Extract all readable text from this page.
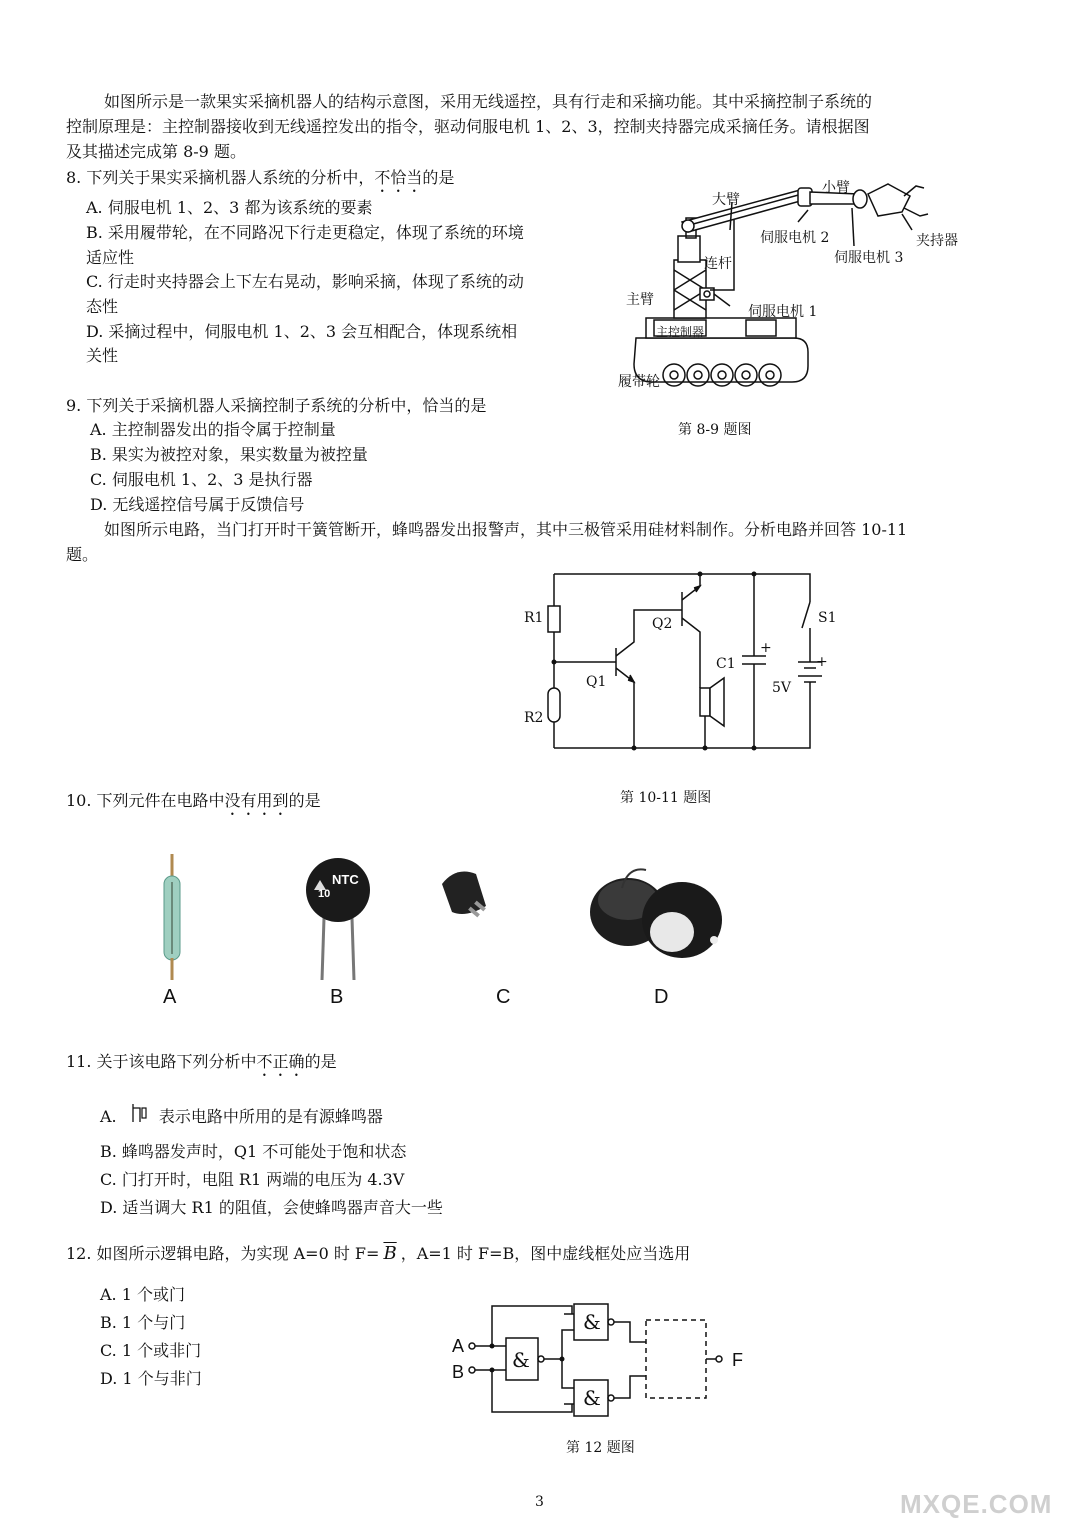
如图所示是一款果实采摘机器人的结构示意图，采用无线遥控，具有行走和采摘功能。其中采摘控制子系统的
控制原理是：主控制器接收到无线遥控发出的指令，驱动伺服电机 1、2、3，控制夹持器完成采摘任务。请根据图
及其描述完成第 8-9 题。
8. 下列关于果实采摘机器人系统的分析中，不恰当的是
A. 伺服电机 1、2、3 都为该系统的要素
B. 采用履带轮，在不同路况下行走更稳定，体现了系统的环境
适应性
C. 行走时夹持器会上下左右晃动，影响采摘，体现了系统的动
态性
D. 采摘过程中，伺服电机 1、2、3 会互相配合，体现系统相
关性
大臂
小臂
伺服电机 2
伺服电机 3
夹持器
连杆
主臂
伺服电机 1
主控制器
履带轮
第 8-9 题图
9. 下列关于采摘机器人采摘控制子系统的分析中，恰当的是
A. 主控制器发出的指令属于控制量
B. 果实为被控对象，果实数量为被控量
C. 伺服电机 1、2、3 是执行器
D. 无线遥控信号属于反馈信号
如图所示电路，当门打开时干簧管断开，蜂鸣器发出报警声，其中三极管采用硅材料制作。分析电路并回答 10-11
题。
R1
R2
Q1
Q2
C1
+
S1
+
5V
第 10-11 题图
10. 下列元件在电路中没有用到的是
A
NTC
10
B	C	D
11. 关于该电路下列分析中不正确的是
A.	表示电路中所用的是有源蜂鸣器
B. 蜂鸣器发声时，Q1 不可能处于饱和状态
C. 门打开时，电阻 R1 两端的电压为 4.3V
D. 适当调大 R1 的阻值，会使蜂鸣器声音大一些
12. 如图所示逻辑电路，为实现 A=0 时 $F= \overline{B}$ ，A=1 时 F=B，图中虚线框处应当选用
A. 1 个或门
B. 1 个与门
C. 1 个或非门
D. 1 个与非门
A
B
F
&
&
&
第 12 题图
3	MXQE.COM
